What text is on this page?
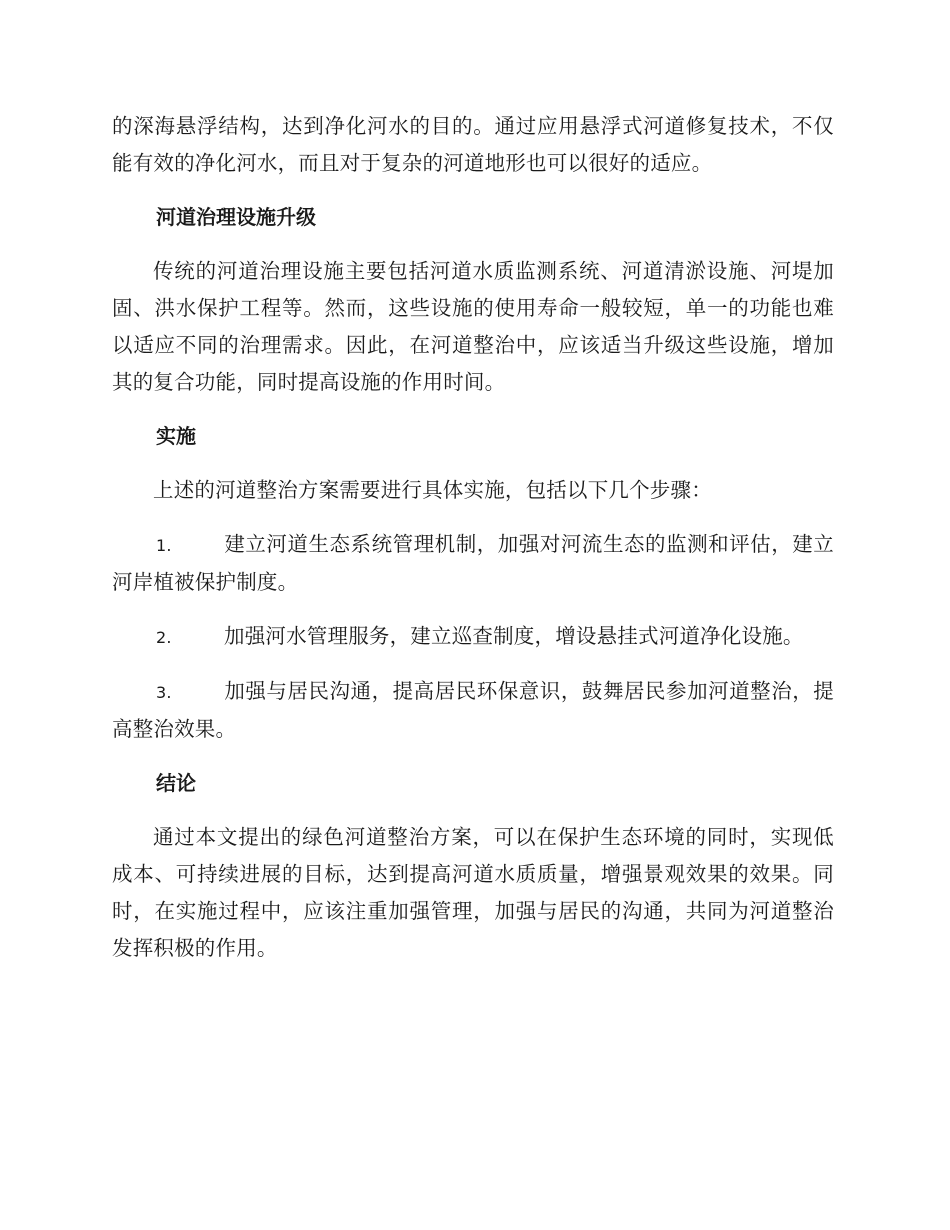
的深海悬浮结构，达到净化河水的目的。通过应用悬浮式河道修复技术，不仅能有效的净化河水，而且对于复杂的河道地形也可以很好的适应。

河道治理设施升级

传统的河道治理设施主要包括河道水质监测系统、河道清淤设施、河堤加固、洪水保护工程等。然而，这些设施的使用寿命一般较短，单一的功能也难以适应不同的治理需求。因此，在河道整治中，应该适当升级这些设施，增加其的复合功能，同时提高设施的作用时间。

实施

上述的河道整治方案需要进行具体实施，包括以下几个步骤：

1.	建立河道生态系统管理机制，加强对河流生态的监测和评估，建立河岸植被保护制度。
2.	加强河水管理服务，建立巡查制度，增设悬挂式河道净化设施。
3.	加强与居民沟通，提高居民环保意识，鼓舞居民参加河道整治，提高整治效果。
结论

通过本文提出的绿色河道整治方案，可以在保护生态环境的同时，实现低成本、可持续进展的目标，达到提高河道水质质量，增强景观效果的效果。同时，在实施过程中，应该注重加强管理，加强与居民的沟通，共同为河道整治发挥积极的作用。
